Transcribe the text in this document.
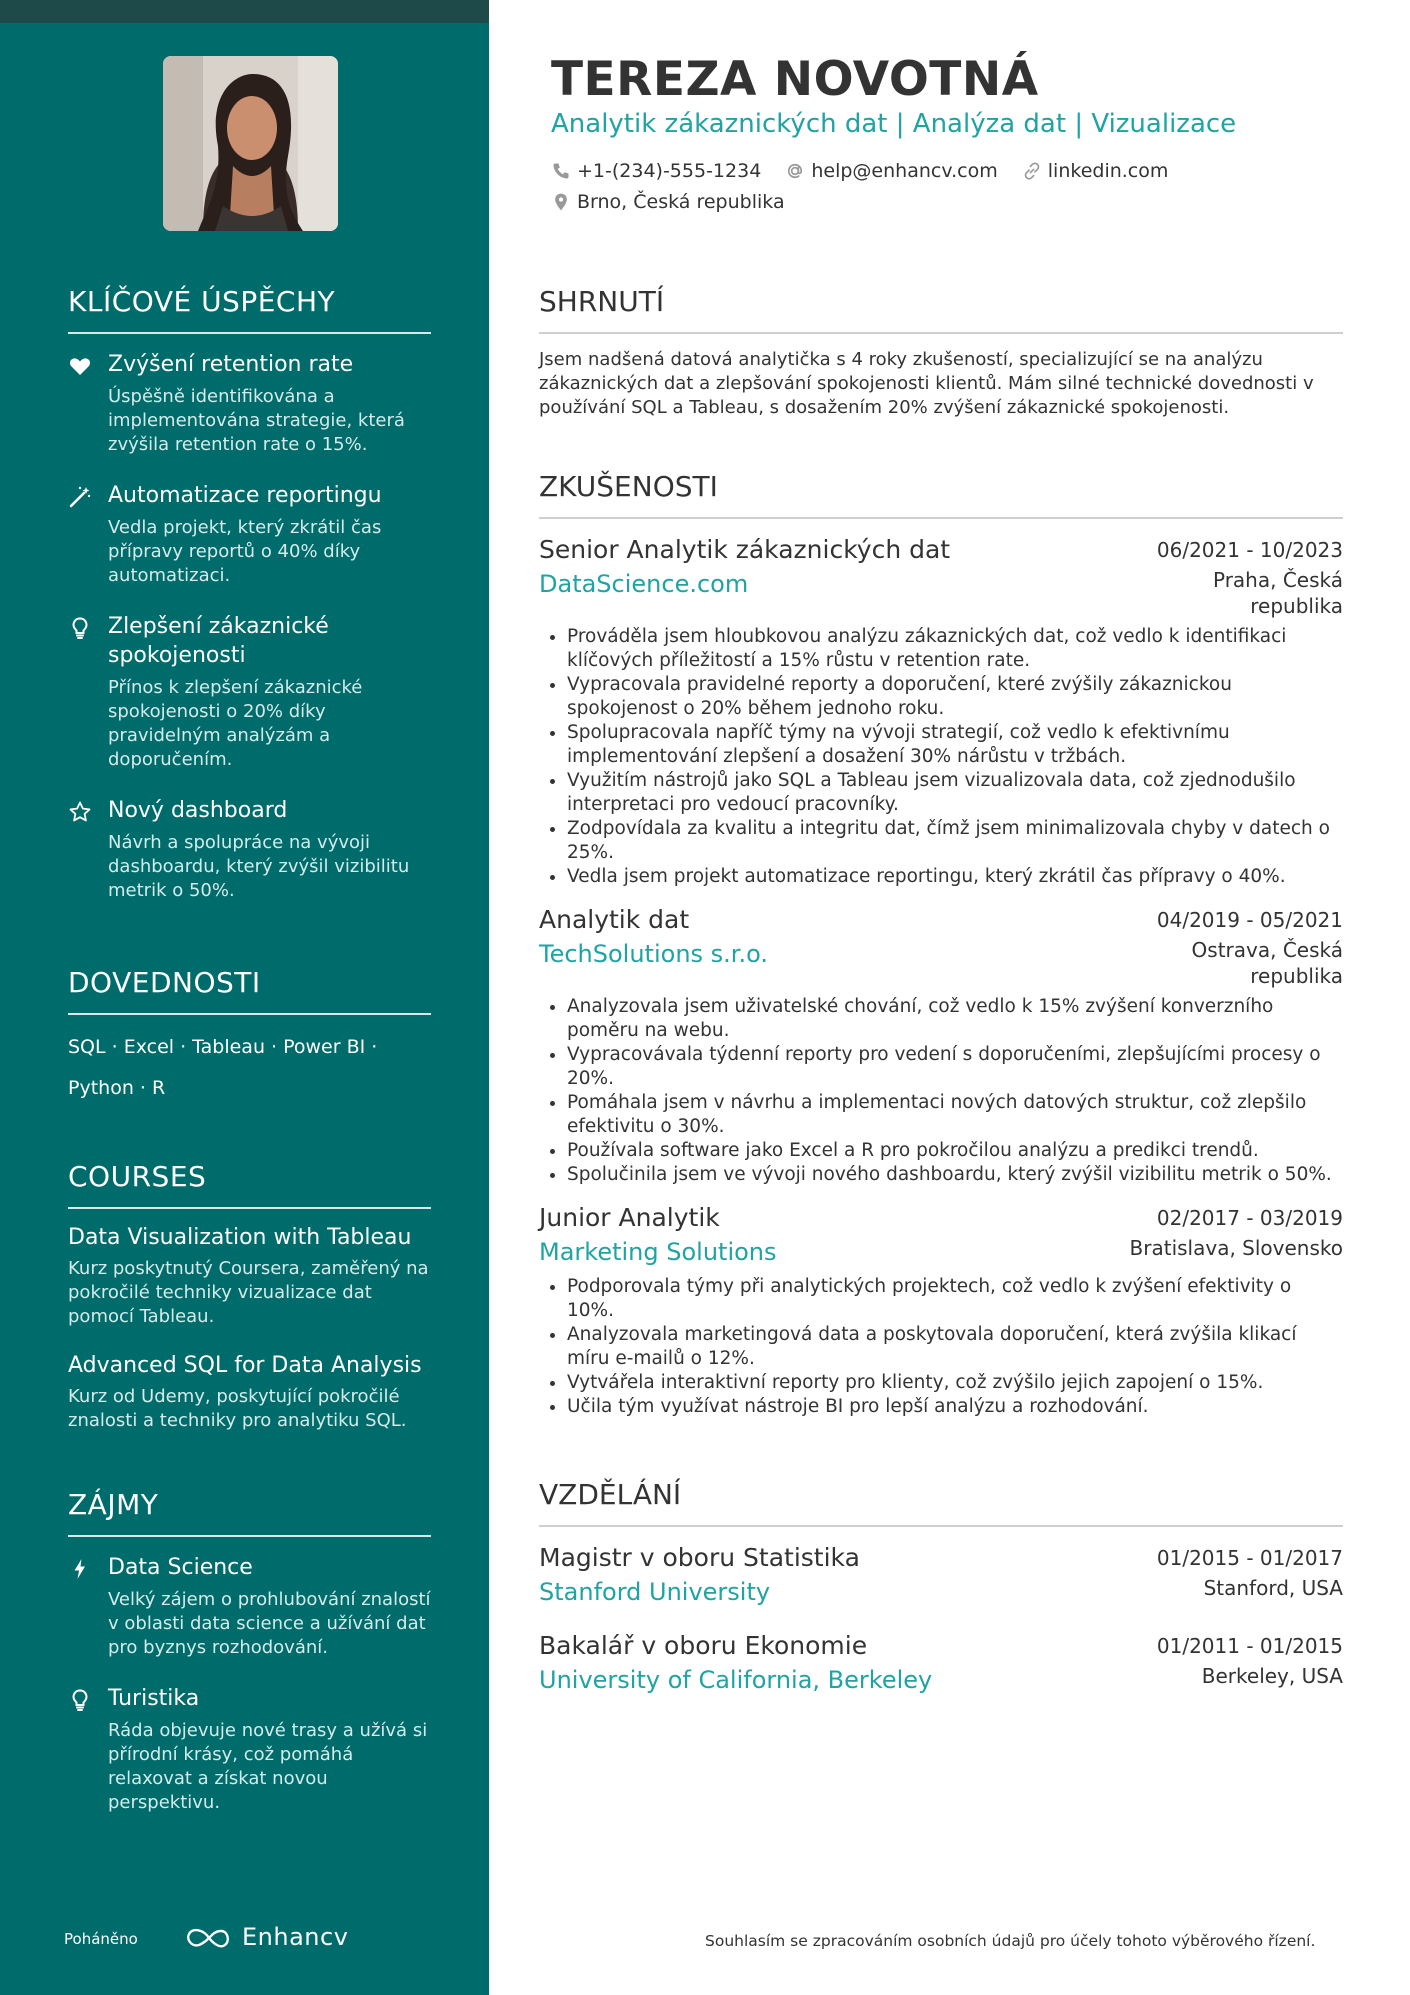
KLÍČOVÉ ÚSPĚCHY
Zvýšení retention rate
Úspěšně identifikována a implementována strategie, která zvýšila retention rate o 15%.
Automatizace reportingu
Vedla projekt, který zkrátil čas přípravy reportů o 40% díky automatizaci.
Zlepšení zákaznické spokojenosti
Přínos k zlepšení zákaznické spokojenosti o 20% díky pravidelným analýzám a doporučením.
Nový dashboard
Návrh a spolupráce na vývoji dashboardu, který zvýšil vizibilitu metrik o 50%.
DOVEDNOSTI
SQL · Excel · Tableau · Power BI ·
Python · R
COURSES
Data Visualization with Tableau
Kurz poskytnutý Coursera, zaměřený na pokročilé techniky vizualizace dat pomocí Tableau.
Advanced SQL for Data Analysis
Kurz od Udemy, poskytující pokročilé znalosti a techniky pro analytiku SQL.
ZÁJMY
Data Science
Velký zájem o prohlubování znalostí v oblasti data science a užívání dat pro byznys rozhodování.
Turistika
Ráda objevuje nové trasy a užívá si přírodní krásy, což pomáhá relaxovat a získat novou perspektivu.
Poháněno	Enhancv
TEREZA NOVOTNÁ
Analytik zákaznických dat | Analýza dat | Vizualizace
+1-(234)-555-1234
	help@enhancv.com
	linkedin.com
Brno, Česká republika
SHRNUTÍ
Jsem nadšená datová analytička s 4 roky zkušeností, specializující se na analýzu zákaznických dat a zlepšování spokojenosti klientů. Mám silné technické dovednosti v používání SQL a Tableau, s dosažením 20% zvýšení zákaznické spokojenosti.
ZKUŠENOSTI
Senior Analytik zákaznických dat	06/2021 - 10/2023
DataScience.com	Praha, Česká republika
• Prováděla jsem hloubkovou analýzu zákaznických dat, což vedlo k identifikaci klíčových příležitostí a 15% růstu v retention rate.
• Vypracovala pravidelné reporty a doporučení, které zvýšily zákaznickou spokojenost o 20% během jednoho roku.
• Spolupracovala napříč týmy na vývoji strategií, což vedlo k efektivnímu implementování zlepšení a dosažení 30% nárůstu v tržbách.
• Využitím nástrojů jako SQL a Tableau jsem vizualizovala data, což zjednodušilo interpretaci pro vedoucí pracovníky.
• Zodpovídala za kvalitu a integritu dat, čímž jsem minimalizovala chyby v datech o 25%.
• Vedla jsem projekt automatizace reportingu, který zkrátil čas přípravy o 40%.
Analytik dat	04/2019 - 05/2021
TechSolutions s.r.o.	Ostrava, Česká republika
• Analyzovala jsem uživatelské chování, což vedlo k 15% zvýšení konverzního poměru na webu.
• Vypracovávala týdenní reporty pro vedení s doporučeními, zlepšujícími procesy o 20%.
• Pomáhala jsem v návrhu a implementaci nových datových struktur, což zlepšilo efektivitu o 30%.
• Používala software jako Excel a R pro pokročilou analýzu a predikci trendů.
• Spolučinila jsem ve vývoji nového dashboardu, který zvýšil vizibilitu metrik o 50%.
Junior Analytik	02/2017 - 03/2019
Marketing Solutions	Bratislava, Slovensko
• Podporovala týmy při analytických projektech, což vedlo k zvýšení efektivity o 10%.
• Analyzovala marketingová data a poskytovala doporučení, která zvýšila klikací míru e-mailů o 12%.
• Vytvářela interaktivní reporty pro klienty, což zvýšilo jejich zapojení o 15%.
• Učila tým využívat nástroje BI pro lepší analýzu a rozhodování.
VZDĚLÁNÍ
Magistr v oboru Statistika	01/2015 - 01/2017
Stanford University	Stanford, USA
Bakalář v oboru Ekonomie	01/2011 - 01/2015
University of California, Berkeley	Berkeley, USA
Souhlasím se zpracováním osobních údajů pro účely tohoto výběrového řízení.
